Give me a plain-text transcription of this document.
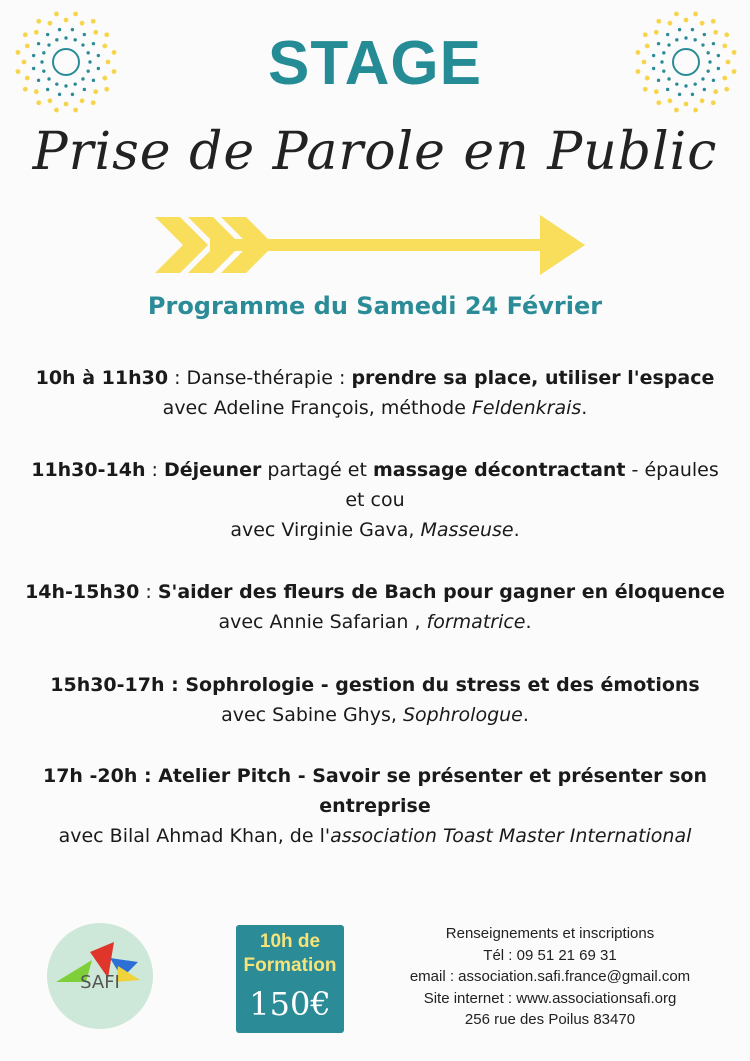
STAGE
Prise de Parole en Public
Programme du Samedi 24 Février
10h à 11h30 : Danse-thérapie : prendre sa place, utiliser l'espace
avec Adeline François, méthode Feldenkrais.
11h30-14h : Déjeuner partagé et massage décontractant - épaules
et cou
avec Virginie Gava, Masseuse.
14h-15h30 : S'aider des fleurs de Bach pour gagner en éloquence
avec Annie Safarian , formatrice.
15h30-17h : Sophrologie - gestion du stress et des émotions
avec Sabine Ghys, Sophrologue.
17h -20h : Atelier Pitch - Savoir se présenter et présenter son
entreprise
avec Bilal Ahmad Khan, de l'association Toast Master International
SAFI
10h de
Formation
150€
Renseignements et inscriptions
Tél : 09 51 21 69 31
email : association.safi.france@gmail.com
Site internet : www.associationsafi.org
256 rue des Poilus 83470
